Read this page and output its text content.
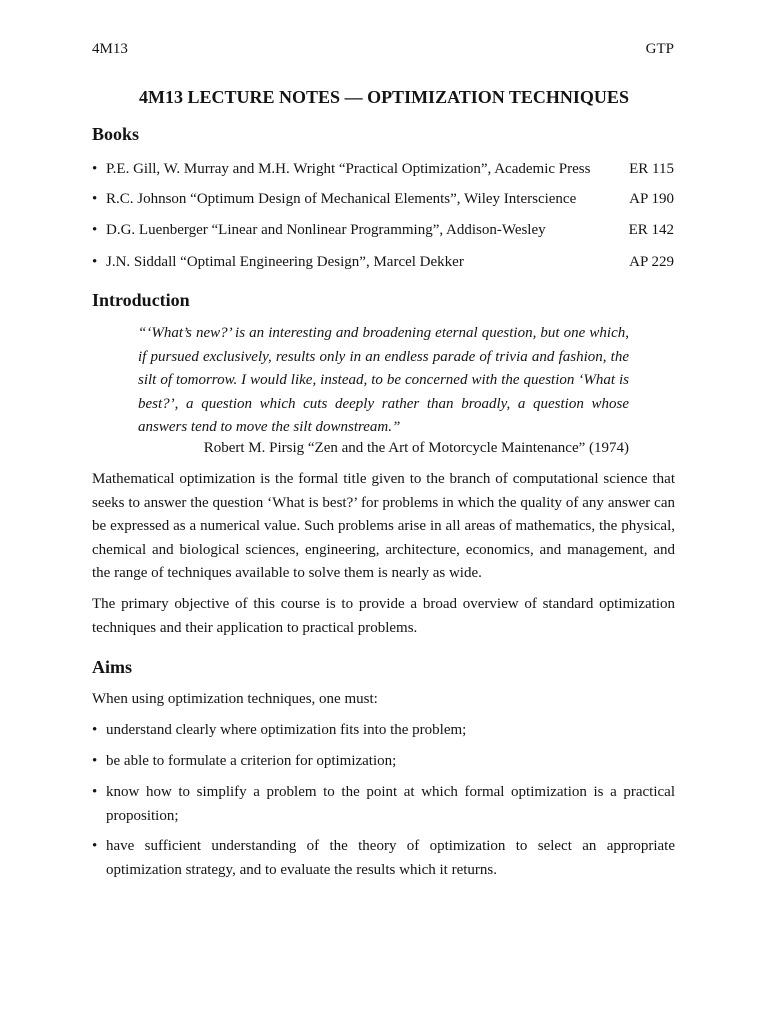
4M13	GTP
4M13 LECTURE NOTES — OPTIMIZATION TECHNIQUES
Books
• P.E. Gill, W. Murray and M.H. Wright “Practical Optimization”, Academic Press	ER 115
• R.C. Johnson “Optimum Design of Mechanical Elements”, Wiley Interscience	AP 190
• D.G. Luenberger “Linear and Nonlinear Programming”, Addison-Wesley	ER 142
• J.N. Siddall “Optimal Engineering Design”, Marcel Dekker	AP 229
Introduction

“‘What’s new?’ is an interesting and broadening eternal question, but one which, if pursued exclusively, results only in an endless parade of trivia and fashion, the silt of tomorrow. I would like, instead, to be concerned with the question ‘What is best?’, a question which cuts deeply rather than broadly, a question whose answers tend to move the silt downstream.”

Robert M. Pirsig “Zen and the Art of Motorcycle Maintenance” (1974)

Mathematical optimization is the formal title given to the branch of computational science that seeks to answer the question ‘What is best?’ for problems in which the quality of any answer can be expressed as a numerical value. Such problems arise in all areas of mathematics, the physical, chemical and biological sciences, engineering, architecture, economics, and management, and the range of techniques available to solve them is nearly as wide.

The primary objective of this course is to provide a broad overview of standard optimization techniques and their application to practical problems.

Aims

When using optimization techniques, one must:

• understand clearly where optimization fits into the problem;
• be able to formulate a criterion for optimization;
• know how to simplify a problem to the point at which formal optimization is a practical proposition;
• have sufficient understanding of the theory of optimization to select an appropriate optimization strategy, and to evaluate the results which it returns.
